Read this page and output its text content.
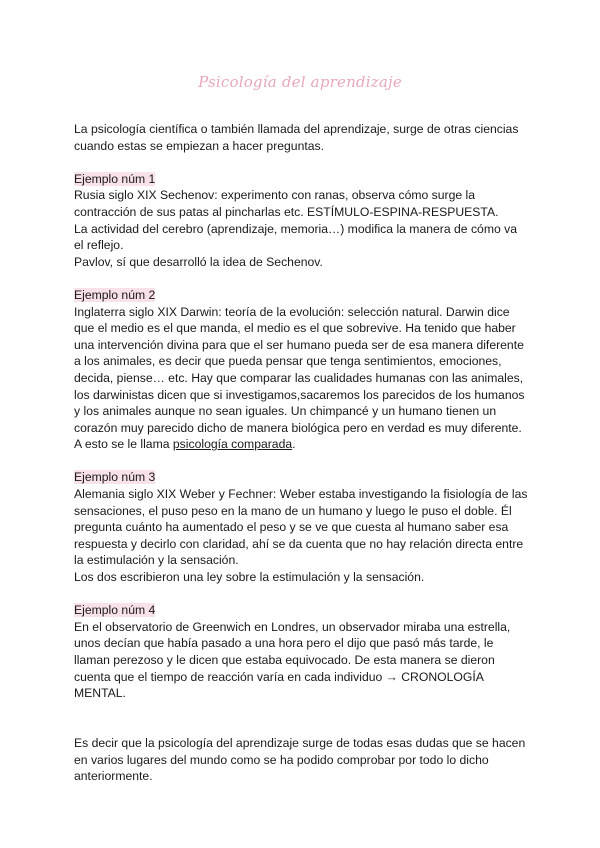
Psicología del aprendizaje
La psicología científica o también llamada del aprendizaje, surge de otras ciencias
cuando estas se empiezan a hacer preguntas.
Ejemplo núm 1
Rusia siglo XIX Sechenov: experimento con ranas, observa cómo surge la
contracción de sus patas al pincharlas etc. ESTÍMULO-ESPINA-RESPUESTA.
La actividad del cerebro (aprendizaje, memoria…) modifica la manera de cómo va
el reflejo.
Pavlov, sí que desarrolló la idea de Sechenov.
Ejemplo núm 2
Inglaterra siglo XIX Darwin: teoría de la evolución: selección natural. Darwin dice
que el medio es el que manda, el medio es el que sobrevive. Ha tenido que haber
una intervención divina para que el ser humano pueda ser de esa manera diferente
a los animales, es decir que pueda pensar que tenga sentimientos, emociones,
decida, piense… etc. Hay que comparar las cualidades humanas con las animales,
los darwinistas dicen que si investigamos,sacaremos los parecidos de los humanos
y los animales aunque no sean iguales. Un chimpancé y un humano tienen un
corazón muy parecido dicho de manera biológica pero en verdad es muy diferente.
A esto se le llama psicología comparada.
Ejemplo núm 3
Alemania siglo XIX Weber y Fechner: Weber estaba investigando la fisiología de las
sensaciones, el puso peso en la mano de un humano y luego le puso el doble. Él
pregunta cuánto ha aumentado el peso y se ve que cuesta al humano saber esa
respuesta y decirlo con claridad, ahí se da cuenta que no hay relación directa entre
la estimulación y la sensación.
Los dos escribieron una ley sobre la estimulación y la sensación.
Ejemplo núm 4
En el observatorio de Greenwich en Londres, un observador miraba una estrella,
unos decían que había pasado a una hora pero el dijo que pasó más tarde, le
llaman perezoso y le dicen que estaba equivocado. De esta manera se dieron
cuenta que el tiempo de reacción varía en cada individuo → CRONOLOGÍA
MENTAL.
Es decir que la psicología del aprendizaje surge de todas esas dudas que se hacen
en varios lugares del mundo como se ha podido comprobar por todo lo dicho
anteriormente.
